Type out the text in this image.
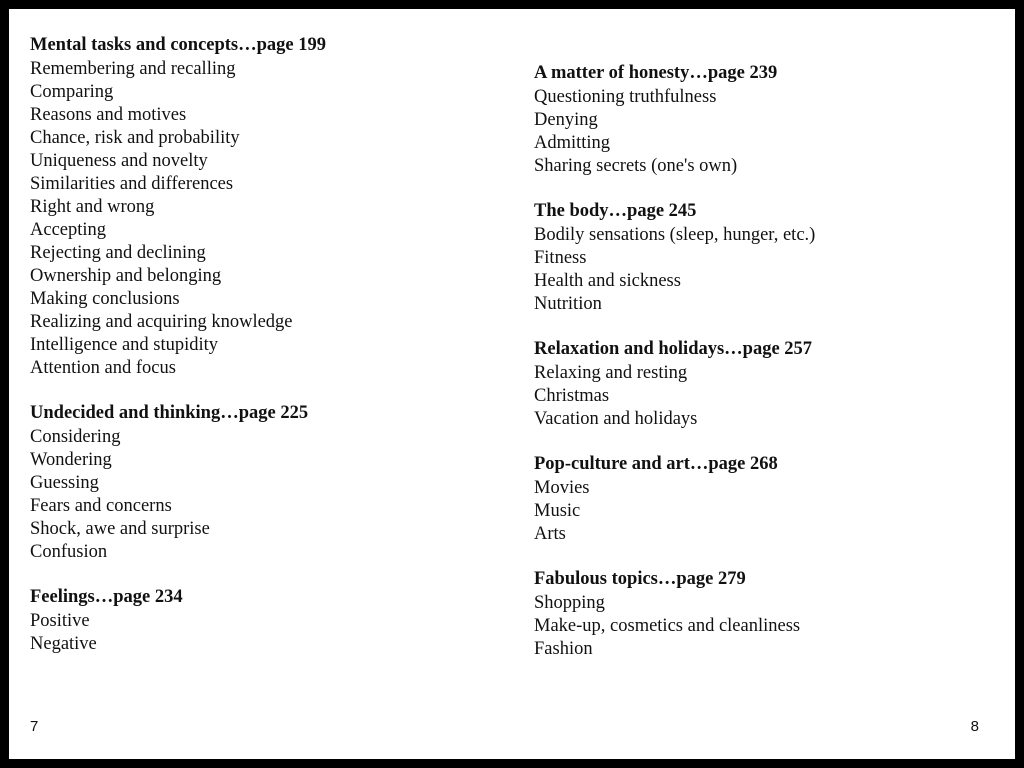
Mental tasks and concepts…page 199
Remembering and recalling
Comparing
Reasons and motives
Chance, risk and probability
Uniqueness and novelty
Similarities and differences
Right and wrong
Accepting
Rejecting and declining
Ownership and belonging
Making conclusions
Realizing and acquiring knowledge
Intelligence and stupidity
Attention and focus
Undecided and thinking…page 225
Considering
Wondering
Guessing
Fears and concerns
Shock, awe and surprise
Confusion
Feelings…page 234
Positive
Negative
A matter of honesty…page 239
Questioning truthfulness
Denying
Admitting
Sharing secrets (one's own)
The body…page 245
Bodily sensations (sleep, hunger, etc.)
Fitness
Health and sickness
Nutrition
Relaxation and holidays…page 257
Relaxing and resting
Christmas
Vacation and holidays
Pop-culture and art…page 268
Movies
Music
Arts
Fabulous topics…page 279
Shopping
Make-up, cosmetics and cleanliness
Fashion
7	8
